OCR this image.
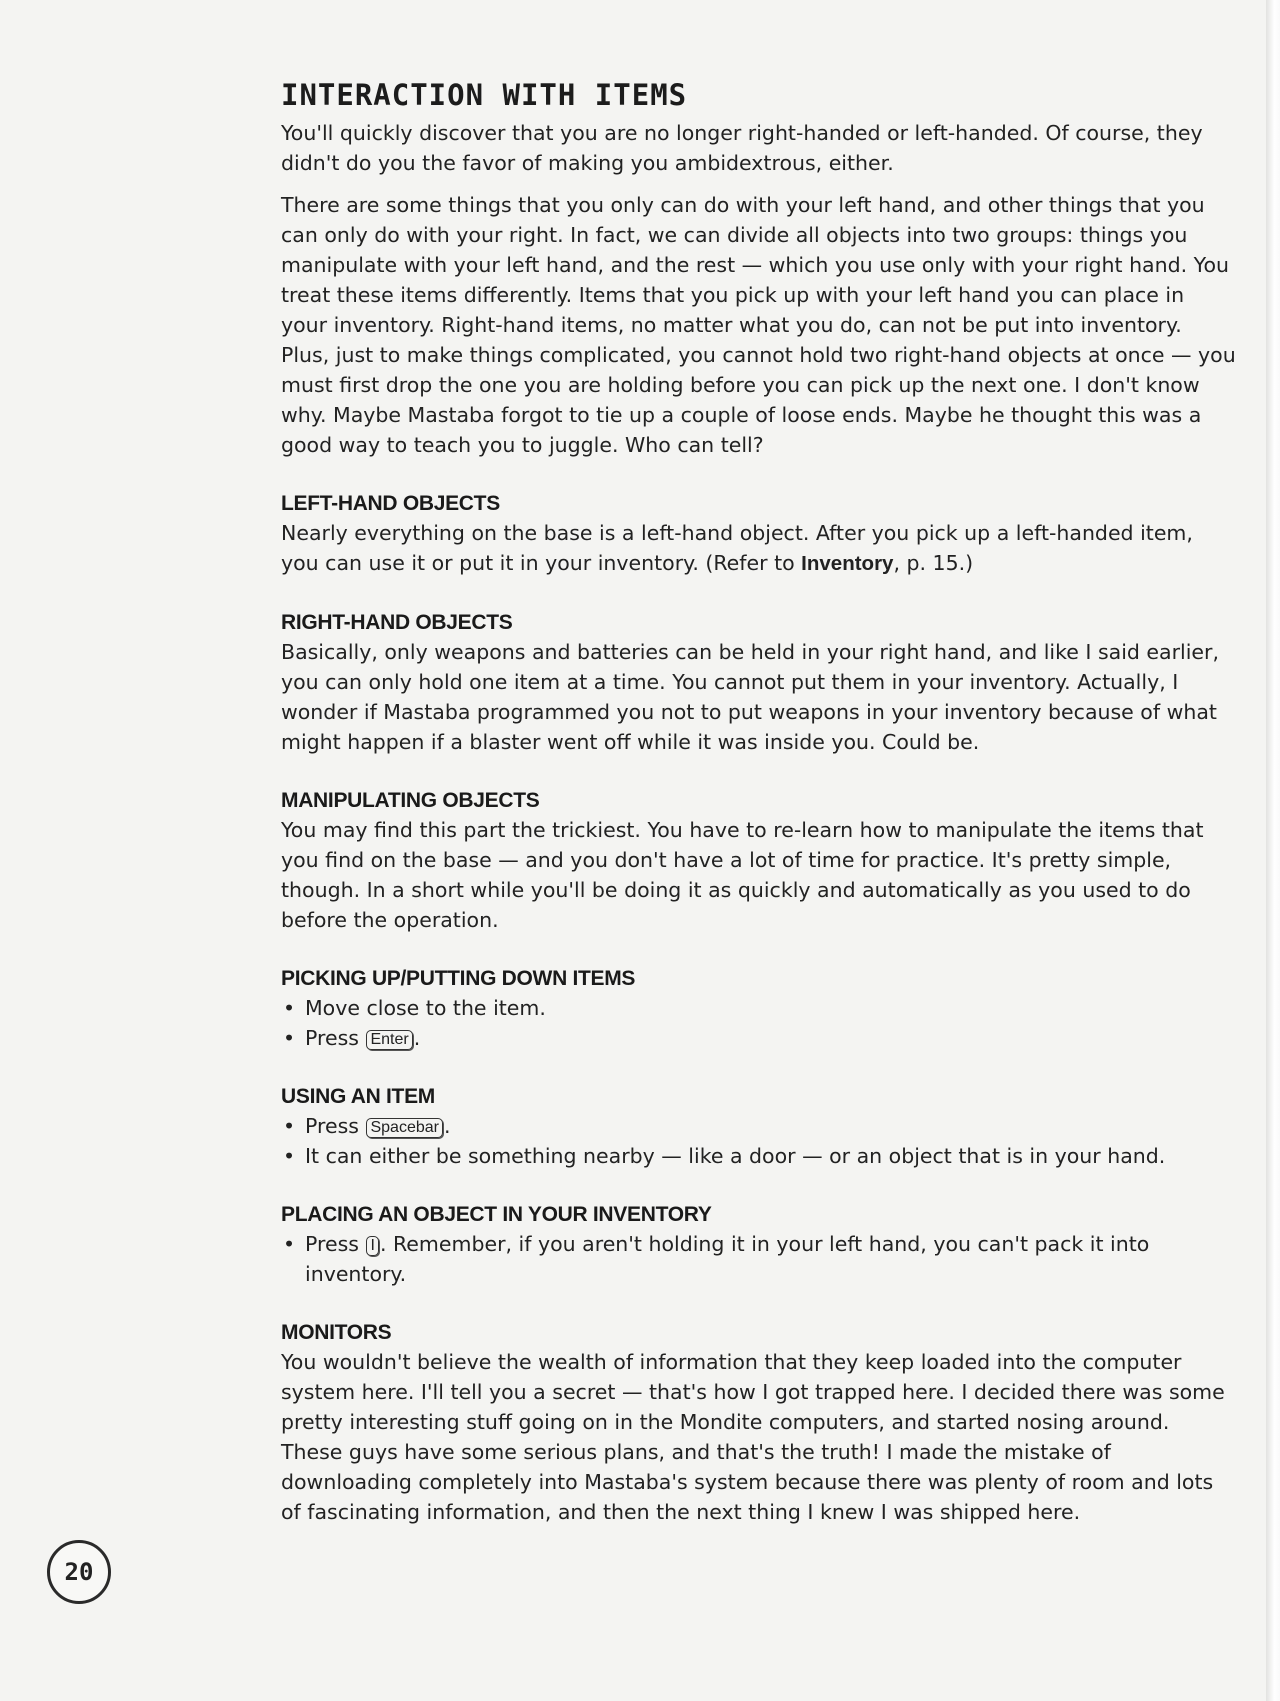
INTERACTION WITH ITEMS

You'll quickly discover that you are no longer right-handed or left-handed. Of course, they didn't do you the favor of making you ambidextrous, either.

There are some things that you only can do with your left hand, and other things that you can only do with your right. In fact, we can divide all objects into two groups: things you manipulate with your left hand, and the rest — which you use only with your right hand. You treat these items differently. Items that you pick up with your left hand you can place in your inventory. Right-hand items, no matter what you do, can not be put into inventory. Plus, just to make things complicated, you cannot hold two right-hand objects at once — you must first drop the one you are holding before you can pick up the next one. I don't know why. Maybe Mastaba forgot to tie up a couple of loose ends. Maybe he thought this was a good way to teach you to juggle. Who can tell?

LEFT-HAND OBJECTS

Nearly everything on the base is a left-hand object. After you pick up a left-handed item, you can use it or put it in your inventory. (Refer to Inventory, p. 15.)

RIGHT-HAND OBJECTS

Basically, only weapons and batteries can be held in your right hand, and like I said earlier, you can only hold one item at a time. You cannot put them in your inventory. Actually, I wonder if Mastaba programmed you not to put weapons in your inventory because of what might happen if a blaster went off while it was inside you. Could be.

MANIPULATING OBJECTS

You may find this part the trickiest. You have to re-learn how to manipulate the items that you find on the base — and you don't have a lot of time for practice. It's pretty simple, though. In a short while you'll be doing it as quickly and automatically as you used to do before the operation.

PICKING UP/PUTTING DOWN ITEMS
• Move close to the item.
• Press Enter .
USING AN ITEM
• Press Spacebar .
• It can either be something nearby — like a door — or an object that is in your hand.
PLACING AN OBJECT IN YOUR INVENTORY
• Press I . Remember, if you aren't holding it in your left hand, you can't pack it into inventory.
MONITORS

You wouldn't believe the wealth of information that they keep loaded into the computer system here. I'll tell you a secret — that's how I got trapped here. I decided there was some pretty interesting stuff going on in the Mondite computers, and started nosing around. These guys have some serious plans, and that's the truth! I made the mistake of downloading completely into Mastaba's system because there was plenty of room and lots of fascinating information, and then the next thing I knew I was shipped here.

20
